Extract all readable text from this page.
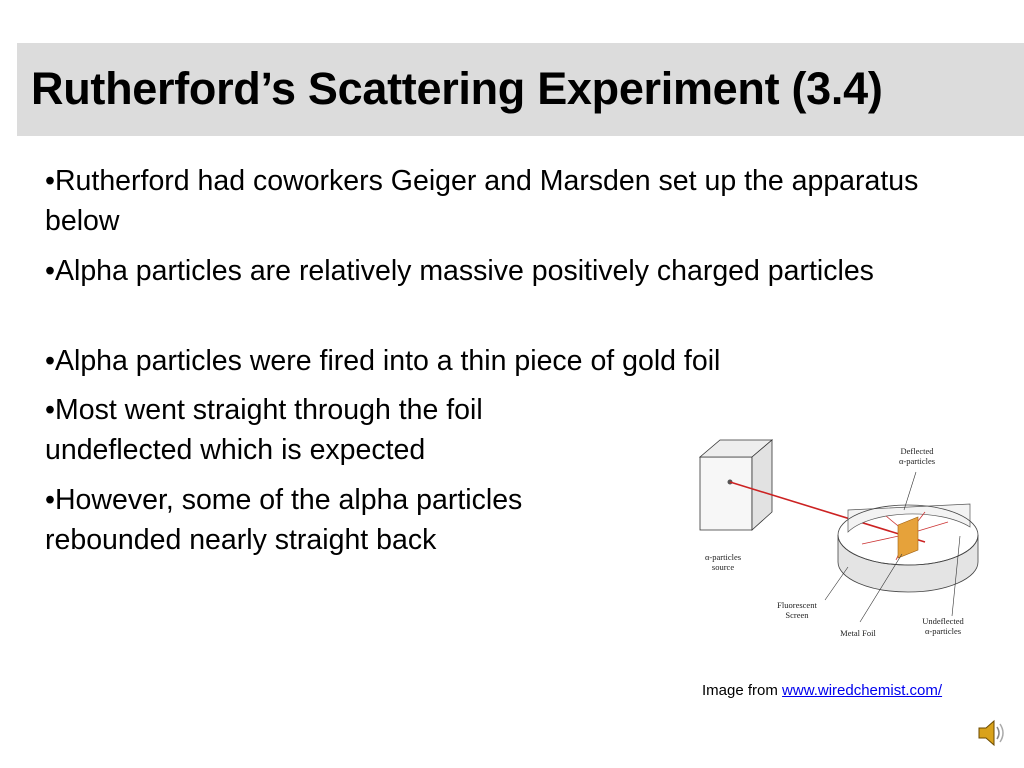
Rutherford’s Scattering Experiment (3.4)

•Rutherford had coworkers Geiger and Marsden set up the apparatus below

•Alpha particles are relatively massive positively charged particles

•Alpha particles were fired into a thin piece of gold foil

•Most went straight through the foil undeflected which is expected

•However, some of the alpha particles rebounded nearly straight back

Deflected
α-particles
α-particles
source
Fluorescent
Screen
Metal Foil
Undeflected
α-particles
Image from www.wiredchemist.com/
